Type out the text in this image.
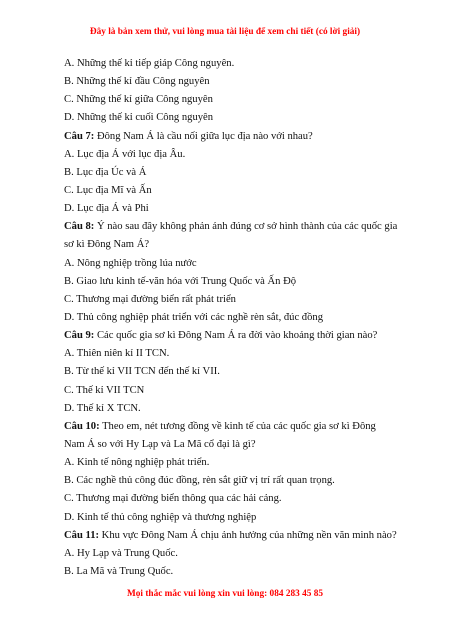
Đây là bản xem thử, vui lòng mua tài liệu để xem chi tiết (có lời giải)
A. Những thế kỉ tiếp giáp Công nguyên.
B. Những thế kỉ đầu Công nguyên
C. Những thế kỉ giữa Công nguyên
D. Những thế kỉ cuối Công nguyên
Câu 7: Đông Nam Á là cầu nối giữa lục địa nào với nhau?
A. Lục địa Á với lục địa Âu.
B. Lục địa Úc và Á
C. Lục địa Mĩ và Ấn
D. Lục địa Á và Phi
Câu 8: Ý nào sau đây không phản ánh đúng cơ sở hình thành của các quốc gia
sơ kì Đông Nam Á?
A. Nông nghiệp trồng lúa nước
B. Giao lưu kinh tế-văn hóa với Trung Quốc và Ấn Độ
C. Thương mại đường biển rất phát triển
D. Thủ công nghiệp phát triển với các nghề rèn sắt, đúc đồng
Câu 9: Các quốc gia sơ kì Đông Nam Á ra đời vào khoảng thời gian nào?
A. Thiên niên kỉ II TCN.
B. Từ thế kỉ VII TCN đến thế kỉ VII.
C. Thế kỉ VII TCN
D. Thế kỉ X TCN.
Câu 10: Theo em, nét tương đồng về kinh tế của các quốc gia sơ kì Đông
Nam Á so với Hy Lạp và La Mã cổ đại là gì?
A. Kinh tế nông nghiệp phát triển.
B. Các nghề thủ công đúc đồng, rèn sắt giữ vị trí rất quan trọng.
C. Thương mại đường biển thông qua các hải cảng.
D. Kinh tế thủ công nghiệp và thương nghiệp
Câu 11: Khu vực Đông Nam Á chịu ảnh hưởng của những nền văn minh nào?
A. Hy Lạp và Trung Quốc.
B. La Mã và Trung Quốc.
Mọi thắc mắc vui lòng xin vui lòng: 084 283 45 85
